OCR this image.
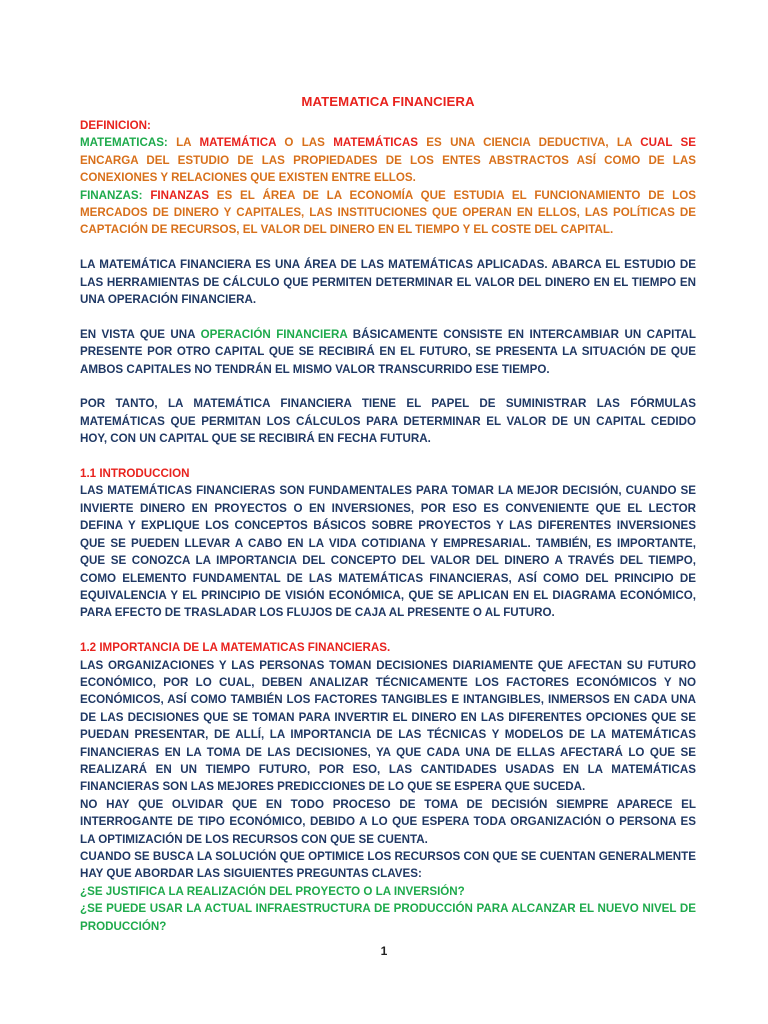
MATEMATICA FINANCIERA

DEFINICION:

MATEMATICAS: LA MATEMÁTICA O LAS MATEMÁTICAS ES UNA CIENCIA DEDUCTIVA, LA CUAL SE ENCARGA DEL ESTUDIO DE LAS PROPIEDADES DE LOS ENTES ABSTRACTOS ASÍ COMO DE LAS CONEXIONES Y RELACIONES QUE EXISTEN ENTRE ELLOS.

FINANZAS: FINANZAS ES EL ÁREA DE LA ECONOMÍA QUE ESTUDIA EL FUNCIONAMIENTO DE LOS MERCADOS DE DINERO Y CAPITALES, LAS INSTITUCIONES QUE OPERAN EN ELLOS, LAS POLÍTICAS DE CAPTACIÓN DE RECURSOS, EL VALOR DEL DINERO EN EL TIEMPO Y EL COSTE DEL CAPITAL.

LA MATEMÁTICA FINANCIERA ES UNA ÁREA DE LAS MATEMÁTICAS APLICADAS. ABARCA EL ESTUDIO DE LAS HERRAMIENTAS DE CÁLCULO QUE PERMITEN DETERMINAR EL VALOR DEL DINERO EN EL TIEMPO EN UNA OPERACIÓN FINANCIERA.

EN VISTA QUE UNA OPERACIÓN FINANCIERA BÁSICAMENTE CONSISTE EN INTERCAMBIAR UN CAPITAL PRESENTE POR OTRO CAPITAL QUE SE RECIBIRÁ EN EL FUTURO, SE PRESENTA LA SITUACIÓN DE QUE AMBOS CAPITALES NO TENDRÁN EL MISMO VALOR TRANSCURRIDO ESE TIEMPO.

POR TANTO, LA MATEMÁTICA FINANCIERA TIENE EL PAPEL DE SUMINISTRAR LAS FÓRMULAS MATEMÁTICAS QUE PERMITAN LOS CÁLCULOS PARA DETERMINAR EL VALOR DE UN CAPITAL CEDIDO HOY, CON UN CAPITAL QUE SE RECIBIRÁ EN FECHA FUTURA.

1.1 INTRODUCCION

LAS MATEMÁTICAS FINANCIERAS SON FUNDAMENTALES PARA TOMAR LA MEJOR DECISIÓN, CUANDO SE INVIERTE DINERO EN PROYECTOS O EN INVERSIONES, POR ESO ES CONVENIENTE QUE EL LECTOR DEFINA Y EXPLIQUE LOS CONCEPTOS BÁSICOS SOBRE PROYECTOS Y LAS DIFERENTES INVERSIONES QUE SE PUEDEN LLEVAR A CABO EN LA VIDA COTIDIANA Y EMPRESARIAL. TAMBIÉN, ES IMPORTANTE, QUE SE CONOZCA LA IMPORTANCIA DEL CONCEPTO DEL VALOR DEL DINERO A TRAVÉS DEL TIEMPO, COMO ELEMENTO FUNDAMENTAL DE LAS MATEMÁTICAS FINANCIERAS, ASÍ COMO DEL PRINCIPIO DE EQUIVALENCIA Y EL PRINCIPIO DE VISIÓN ECONÓMICA, QUE SE APLICAN EN EL DIAGRAMA ECONÓMICO, PARA EFECTO DE TRASLADAR LOS FLUJOS DE CAJA AL PRESENTE O AL FUTURO.

1.2 IMPORTANCIA DE LA MATEMATICAS FINANCIERAS.

LAS ORGANIZACIONES Y LAS PERSONAS TOMAN DECISIONES DIARIAMENTE QUE AFECTAN SU FUTURO ECONÓMICO, POR LO CUAL, DEBEN ANALIZAR TÉCNICAMENTE LOS FACTORES ECONÓMICOS Y NO ECONÓMICOS, ASÍ COMO TAMBIÉN LOS FACTORES TANGIBLES E INTANGIBLES, INMERSOS EN CADA UNA DE LAS DECISIONES QUE SE TOMAN PARA INVERTIR EL DINERO EN LAS DIFERENTES OPCIONES QUE SE PUEDAN PRESENTAR, DE ALLÍ, LA IMPORTANCIA DE LAS TÉCNICAS Y MODELOS DE LA MATEMÁTICAS FINANCIERAS EN LA TOMA DE LAS DECISIONES, YA QUE CADA UNA DE ELLAS AFECTARÁ LO QUE SE REALIZARÁ EN UN TIEMPO FUTURO, POR ESO, LAS CANTIDADES USADAS EN LA MATEMÁTICAS FINANCIERAS SON LAS MEJORES PREDICCIONES DE LO QUE SE ESPERA QUE SUCEDA.

NO HAY QUE OLVIDAR QUE EN TODO PROCESO DE TOMA DE DECISIÓN SIEMPRE APARECE EL INTERROGANTE DE TIPO ECONÓMICO, DEBIDO A LO QUE ESPERA TODA ORGANIZACIÓN O PERSONA ES LA OPTIMIZACIÓN DE LOS RECURSOS CON QUE SE CUENTA.

CUANDO SE BUSCA LA SOLUCIÓN QUE OPTIMICE LOS RECURSOS CON QUE SE CUENTAN GENERALMENTE HAY QUE ABORDAR LAS SIGUIENTES PREGUNTAS CLAVES:

¿SE JUSTIFICA LA REALIZACIÓN DEL PROYECTO O LA INVERSIÓN?

¿SE PUEDE USAR LA ACTUAL INFRAESTRUCTURA DE PRODUCCIÓN PARA ALCANZAR EL NUEVO NIVEL DE PRODUCCIÓN?

1
